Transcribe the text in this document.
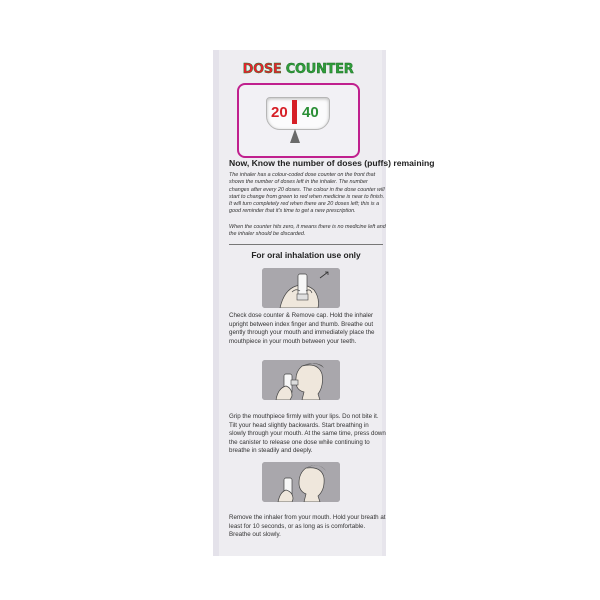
DOSE COUNTER
20 40
Now, Know the number of doses (puffs) remaining
The inhaler has a colour-coded dose counter on the front that shows the number of doses left in the inhaler. The number changes after every 20 doses. The colour in the dose counter will start to change from green to red when medicine is near to finish. It will turn completely red when there are 20 doses left; this is a good reminder that it's time to get a new prescription.
When the counter hits zero, it means there is no medicine left and the inhaler should be discarded.
For oral inhalation use only
Check dose counter & Remove cap. Hold the inhaler upright between index finger and thumb. Breathe out gently through your mouth and immediately place the mouthpiece in your mouth between your teeth.
Grip the mouthpiece firmly with your lips. Do not bite it. Tilt your head slightly backwards. Start breathing in slowly through your mouth. At the same time, press down the canister to release one dose while continuing to breathe in steadily and deeply.
Remove the inhaler from your mouth. Hold your breath at least for 10 seconds, or as long as is comfortable. Breathe out slowly.
